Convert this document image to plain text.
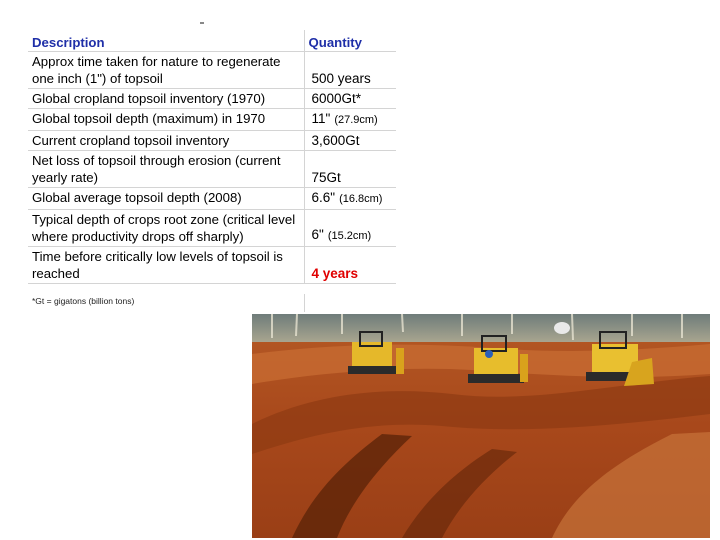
Description	Quantity
Approx time taken for nature to regenerate one inch (1") of topsoil	500 years
Global cropland topsoil inventory (1970)	6000Gt*
Global topsoil depth (maximum) in 1970	11" (27.9cm)
Current cropland topsoil inventory	3,600Gt
Net loss of topsoil through erosion (current yearly rate)	75Gt
Global average topsoil depth (2008)	6.6" (16.8cm)
Typical depth of crops root zone (critical level where productivity drops off sharply)	6" (15.2cm)
Time before critically low levels of topsoil is reached	4 years
*Gt = gigatons (billion tons)
